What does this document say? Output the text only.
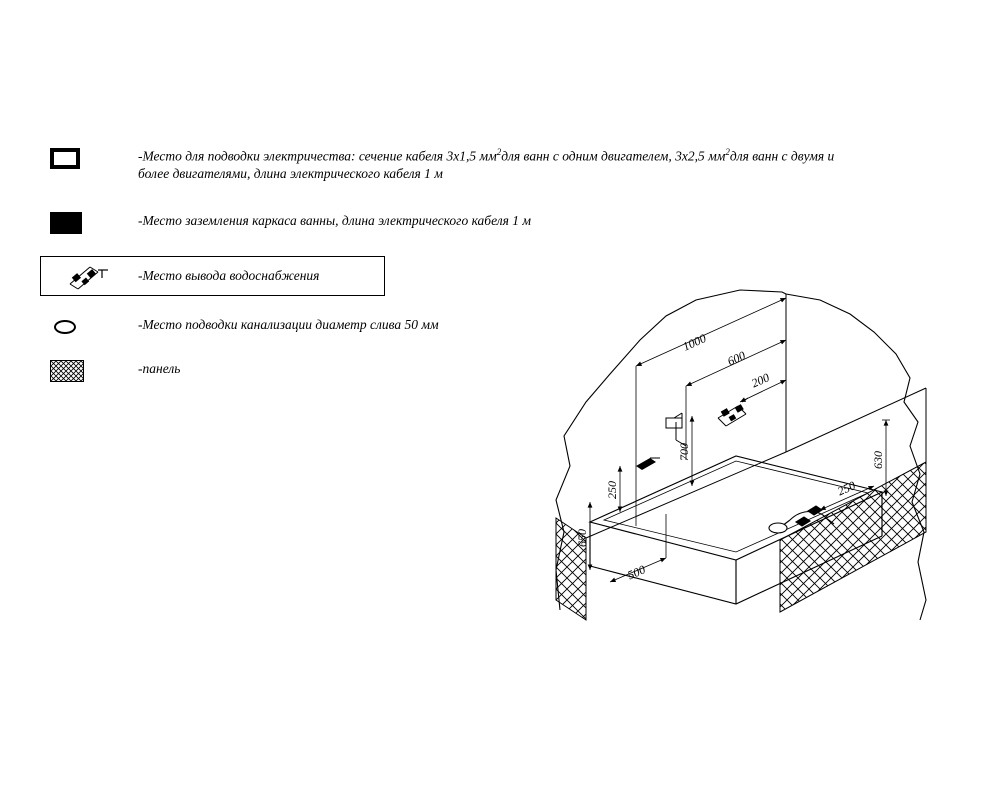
-Место для подводки электричества: сечение кабеля 3х1,5 $мм^2для$ ванн с одним двигателем, 3х2,5 $мм^2для$ ванн с двумя и
более двигателями, длина электрического кабеля 1 м
-Место заземления каркаса ванны, длина электрического кабеля 1 м
-Место вывода водоснабжения
-Место подводки канализации диаметр слива 50 мм
-панель
1000
600
200
630
700
250	250
650
500
